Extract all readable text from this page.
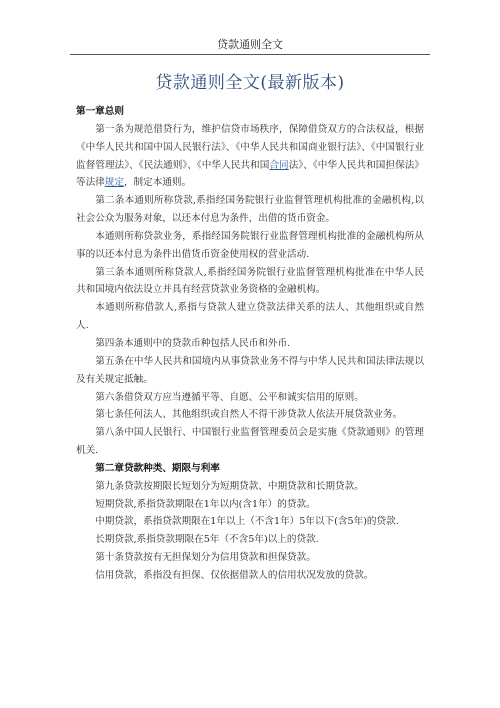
贷款通则全文
贷款通则全文(最新版本)

第一章总则

第一条为规范借贷行为，维护信贷市场秩序，保障借贷双方的合法权益，根据《中华人民共和国中国人民银行法》、《中华人民共和国商业银行法》、《中国银行业监督管理法》、《民法通则》、《中华人民共和国合同法》、《中华人民共和国担保法》等法律规定，制定本通则。

第二条本通则所称贷款,系指经国务院银行业监督管理机构批准的金融机构,以社会公众为服务对象，以还本付息为条件，出借的货币资金。

本通则所称贷款业务，系指经国务院银行业监督管理机构批准的金融机构所从事的以还本付息为条件出借货币资金使用权的营业活动.

第三条本通则所称贷款人,系指经国务院银行业监督管理机构批准在中华人民共和国境内依法设立并具有经营贷款业务资格的金融机构。

本通则所称借款人,系指与贷款人建立贷款法律关系的法人、其他组织或自然人.

第四条本通则中的贷款币种包括人民币和外币.

第五条在中华人民共和国境内从事贷款业务不得与中华人民共和国法律法规以及有关规定抵触。

第六条借贷双方应当遵循平等、自愿、公平和诚实信用的原则。

第七条任何法人、其他组织或自然人不得干涉贷款人依法开展贷款业务。

第八条中国人民银行、中国银行业监督管理委员会是实施《贷款通则》的管理机关.

第二章贷款种类、期限与利率

第九条贷款按期限长短划分为短期贷款、中期贷款和长期贷款。

短期贷款,系指贷款期限在1年以内(含1年）的贷款。

中期贷款，系指贷款期限在1年以上（不含1年）5年以下(含5年)的贷款.

长期贷款,系指贷款期限在5年（不含5年)以上的贷款.

第十条贷款按有无担保划分为信用贷款和担保贷款。

信用贷款，系指没有担保、仅依据借款人的信用状况发放的贷款。
